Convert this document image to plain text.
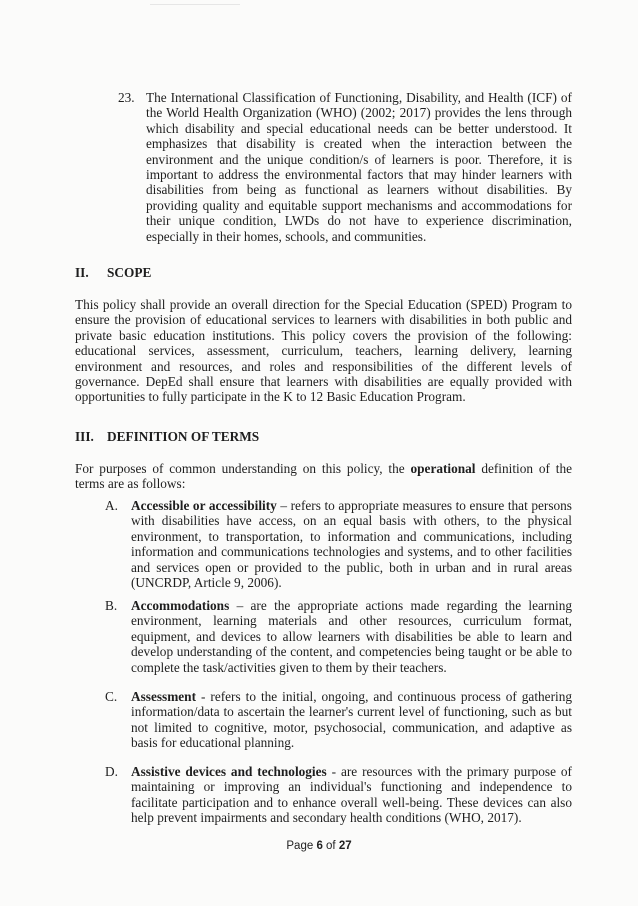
23. The International Classification of Functioning, Disability, and Health (ICF) of the World Health Organization (WHO) (2002; 2017) provides the lens through which disability and special educational needs can be better understood. It emphasizes that disability is created when the interaction between the environment and the unique condition/s of learners is poor. Therefore, it is important to address the environmental factors that may hinder learners with disabilities from being as functional as learners without disabilities. By providing quality and equitable support mechanisms and accommodations for their unique condition, LWDs do not have to experience discrimination, especially in their homes, schools, and communities.
II. SCOPE
This policy shall provide an overall direction for the Special Education (SPED) Program to ensure the provision of educational services to learners with disabilities in both public and private basic education institutions. This policy covers the provision of the following: educational services, assessment, curriculum, teachers, learning delivery, learning environment and resources, and roles and responsibilities of the different levels of governance. DepEd shall ensure that learners with disabilities are equally provided with opportunities to fully participate in the K to 12 Basic Education Program.
III. DEFINITION OF TERMS
For purposes of common understanding on this policy, the operational definition of the terms are as follows:
A. Accessible or accessibility – refers to appropriate measures to ensure that persons with disabilities have access, on an equal basis with others, to the physical environment, to transportation, to information and communications, including information and communications technologies and systems, and to other facilities and services open or provided to the public, both in urban and in rural areas (UNCRDP, Article 9, 2006).
B. Accommodations – are the appropriate actions made regarding the learning environment, learning materials and other resources, curriculum format, equipment, and devices to allow learners with disabilities be able to learn and develop understanding of the content, and competencies being taught or be able to complete the task/activities given to them by their teachers.
C. Assessment - refers to the initial, ongoing, and continuous process of gathering information/data to ascertain the learner's current level of functioning, such as but not limited to cognitive, motor, psychosocial, communication, and adaptive as basis for educational planning.
D. Assistive devices and technologies - are resources with the primary purpose of maintaining or improving an individual's functioning and independence to facilitate participation and to enhance overall well-being. These devices can also help prevent impairments and secondary health conditions (WHO, 2017).
Page 6 of 27
